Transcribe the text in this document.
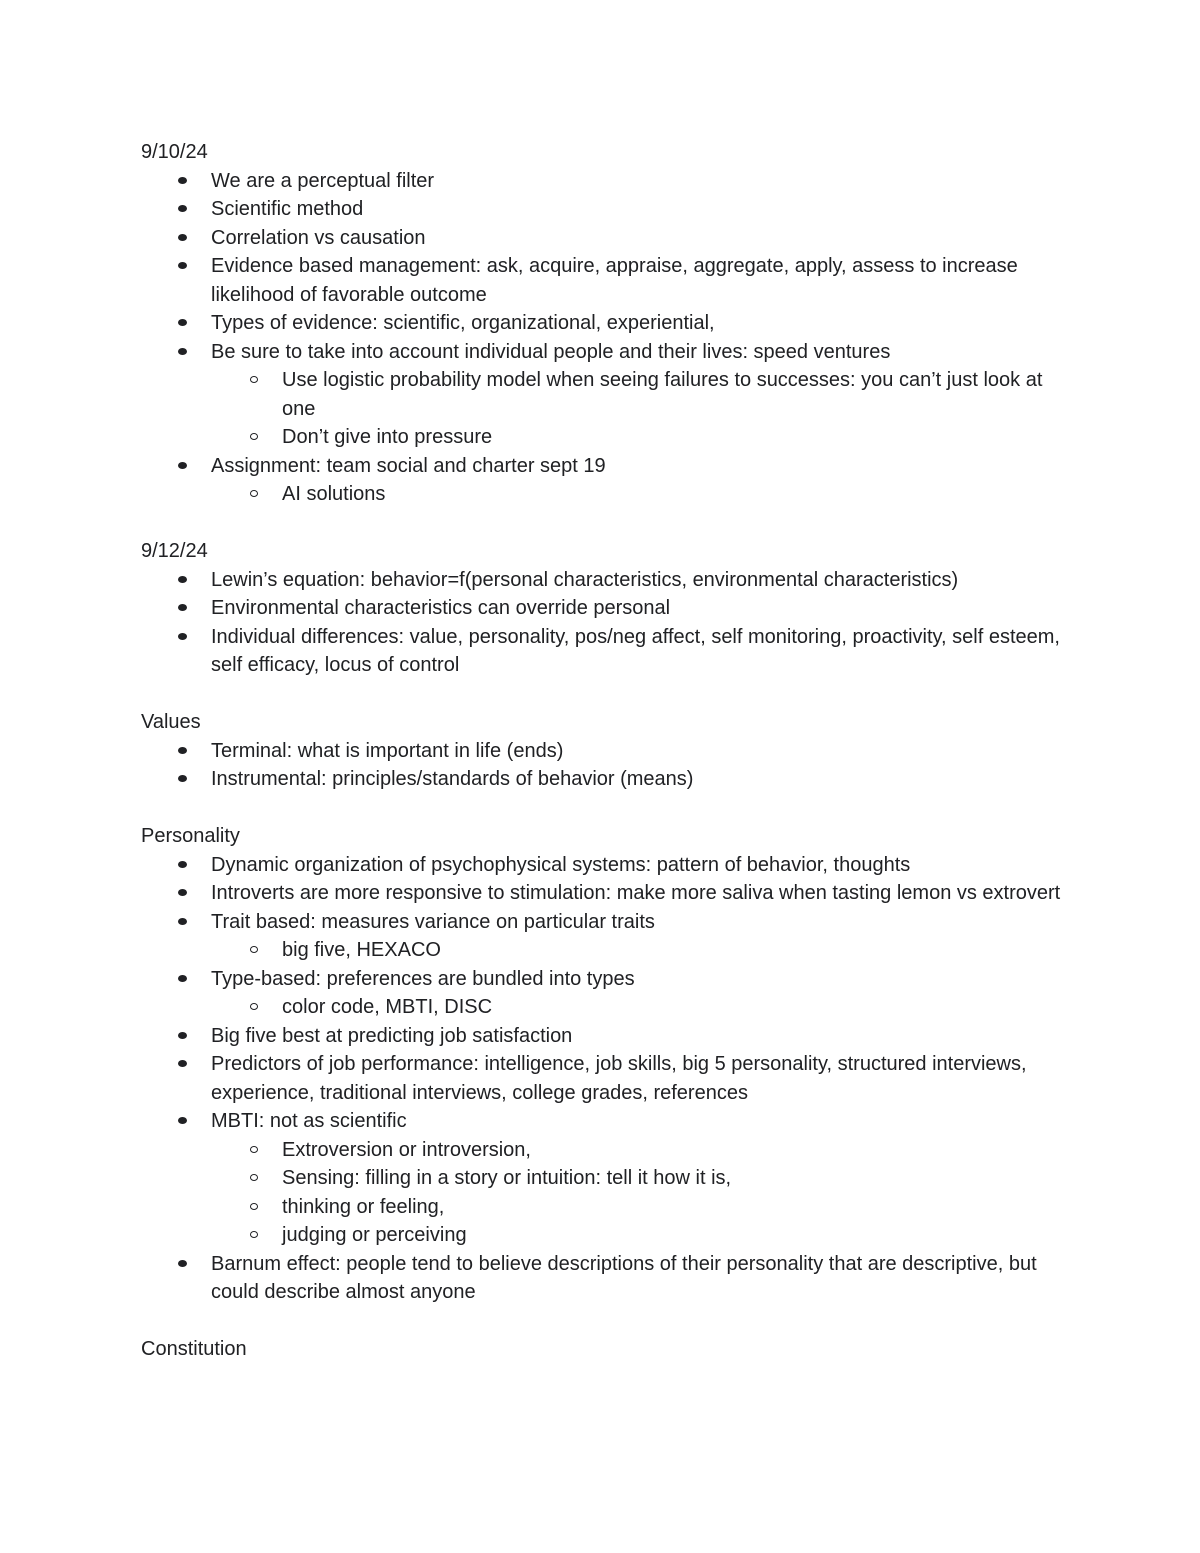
9/10/24

We are a perceptual filter
Scientific method
Correlation vs causation
Evidence based management: ask, acquire, appraise, aggregate, apply, assess to increase likelihood of favorable outcome
Types of evidence: scientific, organizational, experiential,
Be sure to take into account individual people and their lives: speed ventures
Use logistic probability model when seeing failures to successes: you can’t just look at one
Don’t give into pressure
Assignment: team social and charter sept 19
AI solutions

9/12/24

Lewin’s equation: behavior=f(personal characteristics, environmental characteristics)
Environmental characteristics can override personal
Individual differences: value, personality, pos/neg affect, self monitoring, proactivity, self esteem, self efficacy, locus of control

Values

Terminal: what is important in life (ends)
Instrumental: principles/standards of behavior (means)

Personality

Dynamic organization of psychophysical systems: pattern of behavior, thoughts
Introverts are more responsive to stimulation: make more saliva when tasting lemon vs extrovert
Trait based: measures variance on particular traits
big five, HEXACO
Type-based: preferences are bundled into types
color code, MBTI, DISC
Big five best at predicting job satisfaction
Predictors of job performance: intelligence, job skills, big 5 personality, structured interviews, experience, traditional interviews, college grades, references
MBTI: not as scientific
Extroversion or introversion,
Sensing: filling in a story or intuition: tell it how it is,
thinking or feeling,
judging or perceiving
Barnum effect: people tend to believe descriptions of their personality that are descriptive, but could describe almost anyone

Constitution
